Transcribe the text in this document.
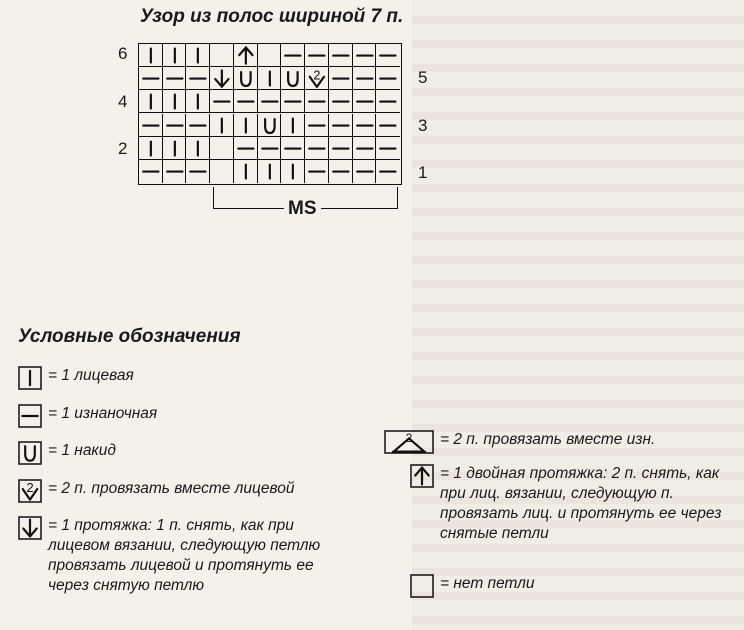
Узор из полос шириной 7 п.
2
6
4
2
5
3
1
MS
Условные обозначения
= 1 лицевая
= 1 изнаночная
= 1 накид
2 = 2 п. провязать вместе лицевой
= 1 протяжка: 1 п. снять, как при лицевом вязании, следующую петлю провязать лицевой и протянуть ее через снятую петлю
2 = 2 п. провязать вместе изн.
= 1 двойная протяжка: 2 п. снять, как при лиц. вязании, следующую п. провязать лиц. и протянуть ее через снятые петли
= нет петли
